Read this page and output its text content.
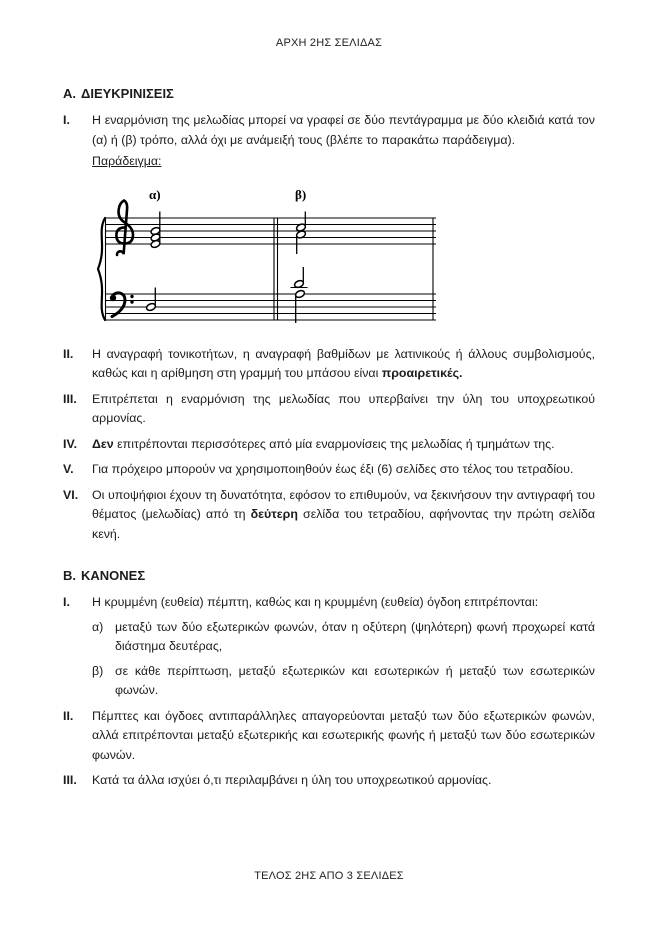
ΑΡΧΗ 2ΗΣ ΣΕΛΙΔΑΣ
Α. ΔΙΕΥΚΡΙΝΙΣΕΙΣ
I.	Η εναρμόνιση της μελωδίας μπορεί να γραφεί σε δύο πεντάγραμμα με δύο κλειδιά κατά τον (α) ή (β) τρόπο, αλλά όχι με ανάμειξή τους (βλέπε το παρακάτω παράδειγμα).
Παράδειγμα:
α)	β)
II.	Η αναγραφή τονικοτήτων, η αναγραφή βαθμίδων με λατινικούς ή άλλους συμβολισμούς, καθώς και η αρίθμηση στη γραμμή του μπάσου είναι προαιρετικές.
III.	Επιτρέπεται η εναρμόνιση της μελωδίας που υπερβαίνει την ύλη του υποχρεωτικού αρμονίας.
IV.	Δεν επιτρέπονται περισσότερες από μία εναρμονίσεις της μελωδίας ή τμημάτων της.
V.	Για πρόχειρο μπορούν να χρησιμοποιηθούν έως έξι (6) σελίδες στο τέλος του τετραδίου.
VI.	Οι υποψήφιοι έχουν τη δυνατότητα, εφόσον το επιθυμούν, να ξεκινήσουν την αντιγραφή του θέματος (μελωδίας) από τη δεύτερη σελίδα του τετραδίου, αφήνοντας την πρώτη σελίδα κενή.
Β. ΚΑΝΟΝΕΣ
I.	Η κρυμμένη (ευθεία) πέμπτη, καθώς και η κρυμμένη (ευθεία) όγδοη επιτρέπονται:
α) μεταξύ των δύο εξωτερικών φωνών, όταν η οξύτερη (ψηλότερη) φωνή προχωρεί κατά διάστημα δευτέρας,
β) σε κάθε περίπτωση, μεταξύ εξωτερικών και εσωτερικών ή μεταξύ των εσωτερικών φωνών.
II.	Πέμπτες και όγδοες αντιπαράλληλες απαγορεύονται μεταξύ των δύο εξωτερικών φωνών, αλλά επιτρέπονται μεταξύ εξωτερικής και εσωτερικής φωνής ή μεταξύ των δύο εσωτερικών φωνών.
III.	Κατά τα άλλα ισχύει ό,τι περιλαμβάνει η ύλη του υποχρεωτικού αρμονίας.
ΤΕΛΟΣ 2ΗΣ ΑΠΟ 3 ΣΕΛΙΔΕΣ
